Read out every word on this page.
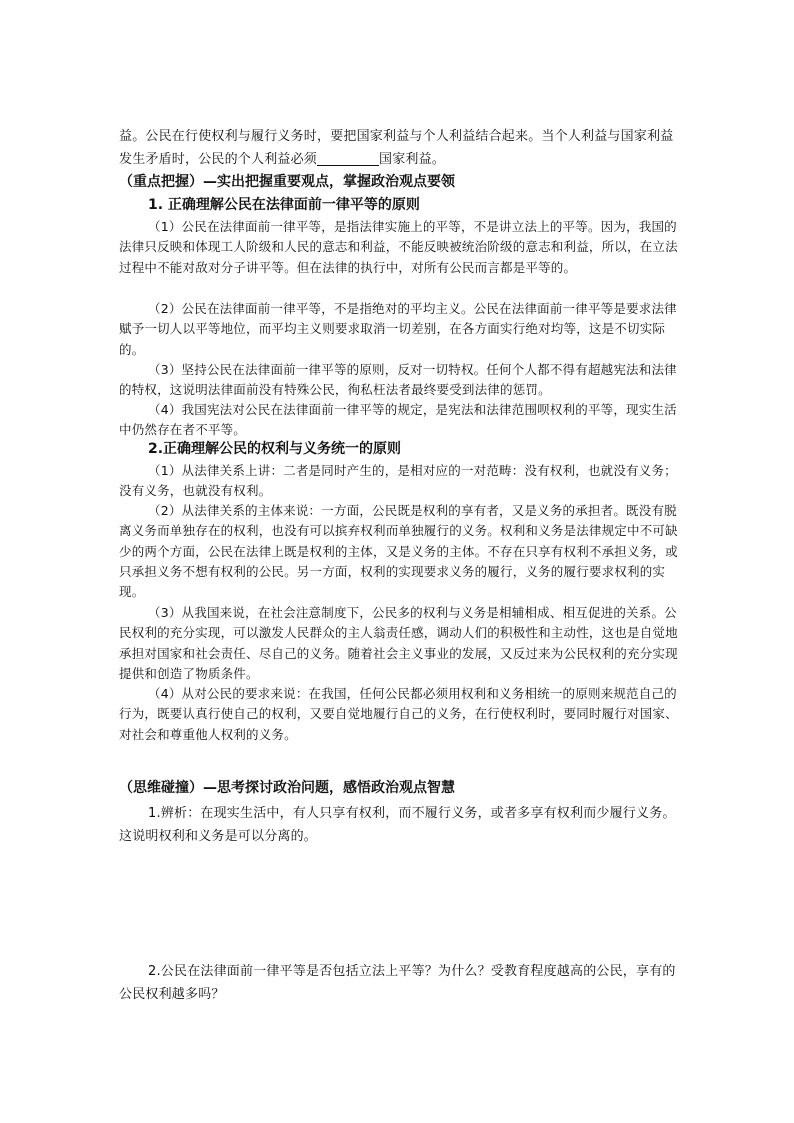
益。公民在行使权利与履行义务时，要把国家利益与个人利益结合起来。当个人利益与国家利益发生矛盾时，公民的个人利益必须	国家利益。

（重点把握）—实出把握重要观点，掌握政治观点要领

1. 正确理解公民在法律面前一律平等的原则

（1）公民在法律面前一律平等，是指法律实施上的平等，不是讲立法上的平等。因为，我国的法律只反映和体现工人阶级和人民的意志和利益，不能反映被统治阶级的意志和利益，所以，在立法过程中不能对敌对分子讲平等。但在法律的执行中，对所有公民而言都是平等的。

（2）公民在法律面前一律平等，不是指绝对的平均主义。公民在法律面前一律平等是要求法律赋予一切人以平等地位，而平均主义则要求取消一切差别，在各方面实行绝对均等，这是不切实际的。

（3）坚持公民在法律面前一律平等的原则，反对一切特权。任何个人都不得有超越宪法和法律的特权，这说明法律面前没有特殊公民，徇私枉法者最终要受到法律的惩罚。

（4）我国宪法对公民在法律面前一律平等的规定，是宪法和法律范围呗权利的平等，现实生活中仍然存在者不平等。

2.正确理解公民的权利与义务统一的原则

（1）从法律关系上讲：二者是同时产生的，是相对应的一对范畴：没有权利，也就没有义务；没有义务，也就没有权利。

（2）从法律关系的主体来说：一方面，公民既是权利的享有者，又是义务的承担者。既没有脱离义务而单独存在的权利，也没有可以摈弃权利而单独履行的义务。权利和义务是法律规定中不可缺少的两个方面，公民在法律上既是权利的主体，又是义务的主体。不存在只享有权利不承担义务，或只承担义务不想有权利的公民。另一方面，权利的实现要求义务的履行，义务的履行要求权利的实现。

（3）从我国来说，在社会注意制度下，公民多的权利与义务是相辅相成、相互促进的关系。公民权利的充分实现，可以激发人民群众的主人翁责任感，调动人们的积极性和主动性，这也是自觉地承担对国家和社会责任、尽自己的义务。随着社会主义事业的发展，又反过来为公民权利的充分实现提供和创造了物质条件。

（4）从对公民的要求来说：在我国，任何公民都必须用权利和义务相统一的原则来规范自己的行为，既要认真行使自己的权利，又要自觉地履行自己的义务，在行使权利时，要同时履行对国家、对社会和尊重他人权利的义务。

（思维碰撞）—思考探讨政治问题，感悟政治观点智慧

1.辨析：在现实生活中，有人只享有权利，而不履行义务，或者多享有权利而少履行义务。这说明权利和义务是可以分离的。

2.公民在法律面前一律平等是否包括立法上平等？为什么？受教育程度越高的公民，享有的公民权利越多吗？
